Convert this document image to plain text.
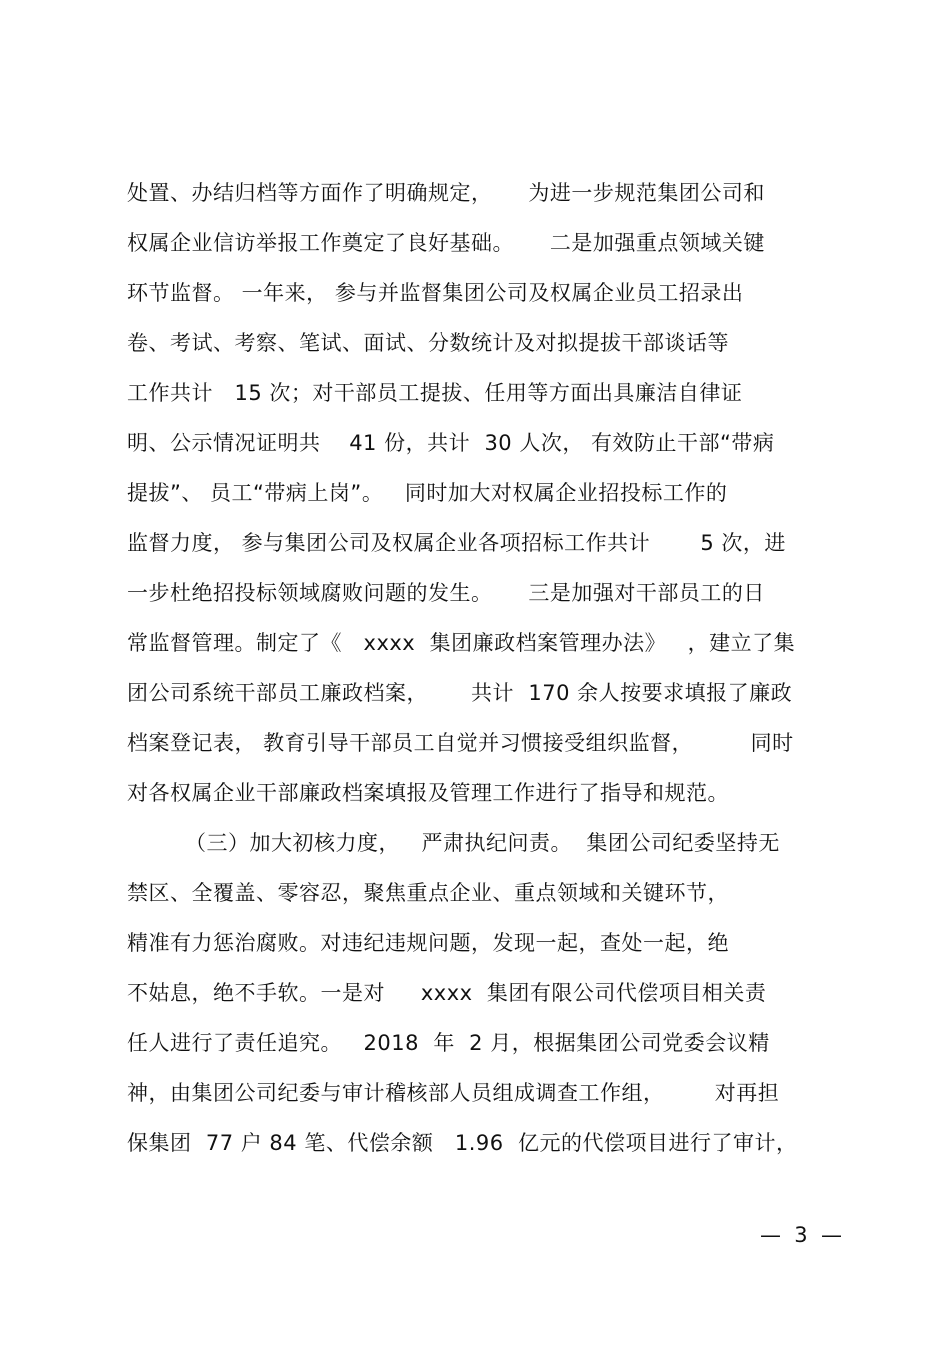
处置、办结归档等方面作了明确规定，     为进一步规范集团公司和
权属企业信访举报工作奠定了良好基础。     二是加强重点领域关键
环节监督。 一年来， 参与并监督集团公司及权属企业员工招录出
卷、考试、考察、笔试、面试、分数统计及对拟提拔干部谈话等
工作共计   15 次；对干部员工提拔、任用等方面出具廉洁自律证
明、公示情况证明共    41 份，共计  30 人次， 有效防止干部“带病
提拔”、 员工“带病上岗”。   同时加大对权属企业招投标工作的
监督力度， 参与集团公司及权属企业各项招标工作共计       5 次，进
一步杜绝招投标领域腐败问题的发生。     三是加强对干部员工的日
常监督管理。制定了《   xxxx  集团廉政档案管理办法》   ，建立了集
团公司系统干部员工廉政档案，      共计  170 余人按要求填报了廉政
档案登记表， 教育引导干部员工自觉并习惯接受组织监督，        同时
对各权属企业干部廉政档案填报及管理工作进行了指导和规范。
（三）加大初核力度，   严肃执纪问责。  集团公司纪委坚持无
禁区、全覆盖、零容忍，聚焦重点企业、重点领域和关键环节，
精准有力惩治腐败。对违纪违规问题，发现一起，查处一起，绝
不姑息，绝不手软。一是对     xxxx  集团有限公司代偿项目相关责
任人进行了责任追究。   2018  年  2 月，根据集团公司党委会议精
神，由集团公司纪委与审计稽核部人员组成调查工作组，       对再担
保集团  77 户 84 笔、代偿余额   1.96  亿元的代偿项目进行了审计，
—  3  —
